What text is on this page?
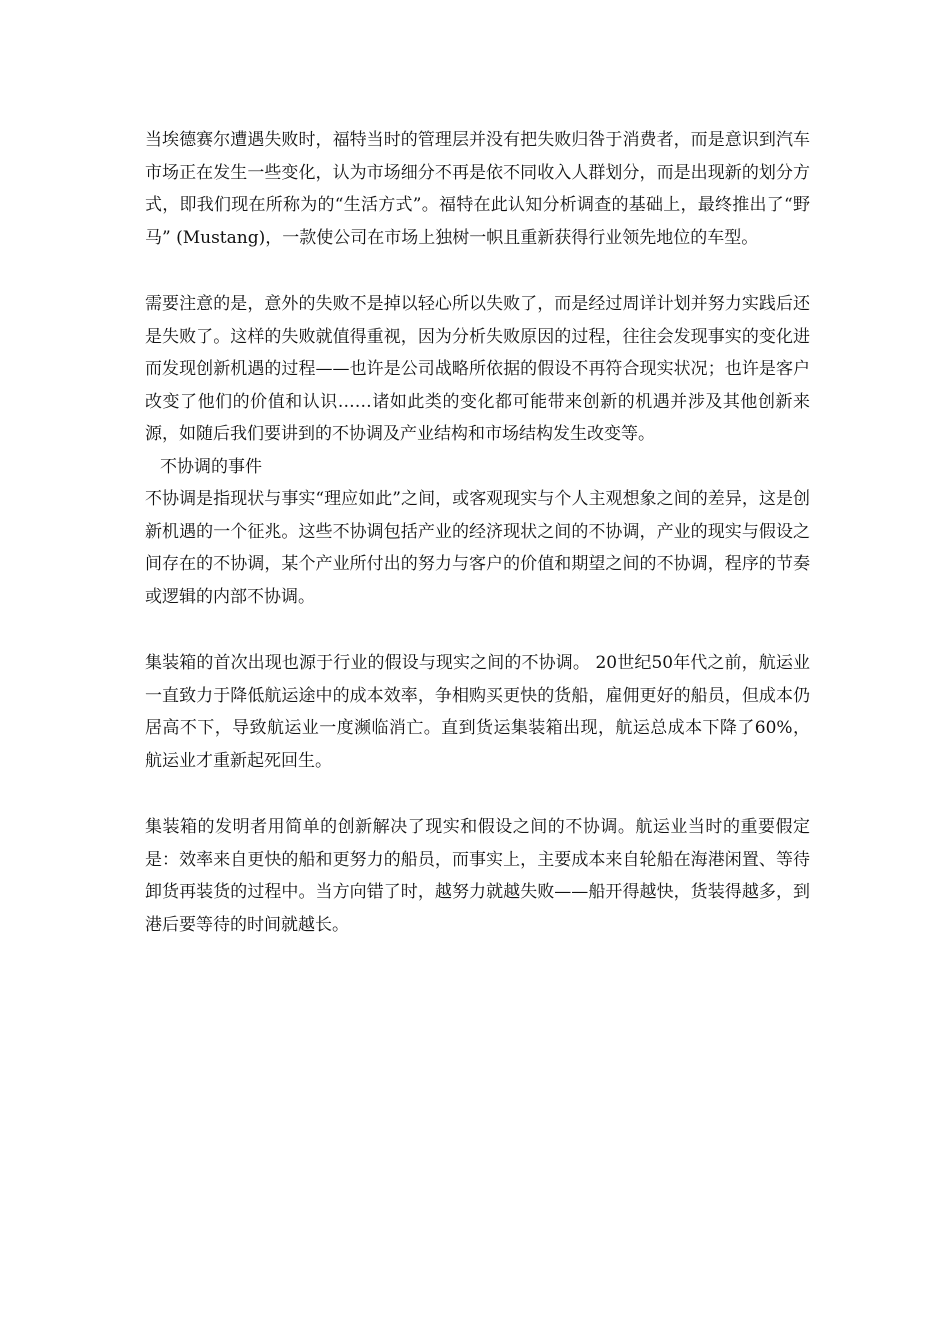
当埃德赛尔遭遇失败时，福特当时的管理层并没有把失败归咎于消费者，而是意识到汽车市场正在发生一些变化，认为市场细分不再是依不同收入人群划分，而是出现新的划分方式，即我们现在所称为的“生活方式”。福特在此认知分析调查的基础上，最终推出了“野马” (Mustang)，一款使公司在市场上独树一帜且重新获得行业领先地位的车型。

需要注意的是，意外的失败不是掉以轻心所以失败了，而是经过周详计划并努力实践后还是失败了。这样的失败就值得重视，因为分析失败原因的过程，往往会发现事实的变化进而发现创新机遇的过程——也许是公司战略所依据的假设不再符合现实状况；也许是客户改变了他们的价值和认识……诸如此类的变化都可能带来创新的机遇并涉及其他创新来源，如随后我们要讲到的不协调及产业结构和市场结构发生改变等。

不协调的事件

不协调是指现状与事实“理应如此”之间，或客观现实与个人主观想象之间的差异，这是创新机遇的一个征兆。这些不协调包括产业的经济现状之间的不协调，产业的现实与假设之间存在的不协调，某个产业所付出的努力与客户的价值和期望之间的不协调，程序的节奏或逻辑的内部不协调。

集装箱的首次出现也源于行业的假设与现实之间的不协调。 20世纪50年代之前，航运业一直致力于降低航运途中的成本效率，争相购买更快的货船，雇佣更好的船员，但成本仍居高不下，导致航运业一度濒临消亡。直到货运集装箱出现，航运总成本下降了60%，航运业才重新起死回生。

集装箱的发明者用简单的创新解决了现实和假设之间的不协调。航运业当时的重要假定是：效率来自更快的船和更努力的船员，而事实上，主要成本来自轮船在海港闲置、等待卸货再装货的过程中。当方向错了时，越努力就越失败——船开得越快，货装得越多，到港后要等待的时间就越长。
